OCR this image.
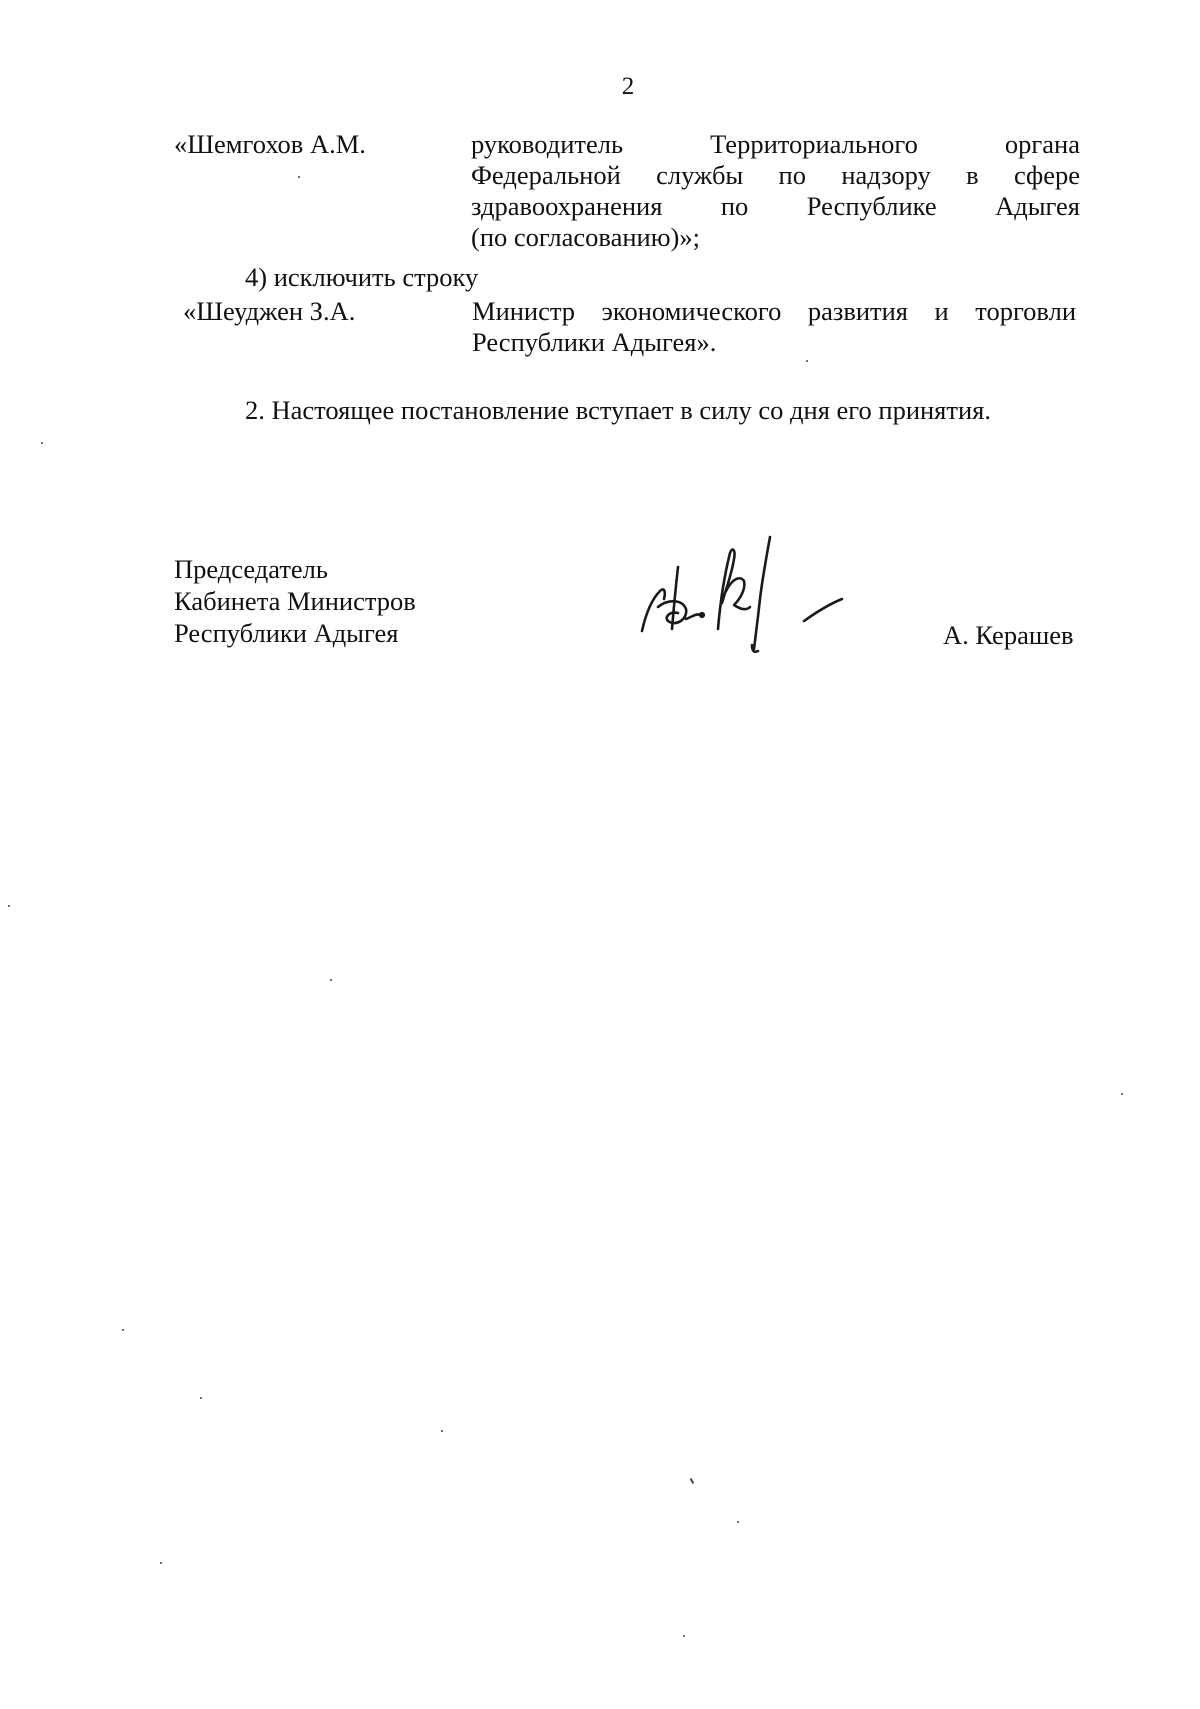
2
«Шемгохов А.М.	руководитель Территориального органа
Федеральной службы по надзору в сфере
здравоохранения по Республике Адыгея
(по согласованию)»;
4) исключить строку
«Шеуджен З.А.	Министр экономического развития и торговли
Республики Адыгея».
2. Настоящее постановление вступает в силу со дня его принятия.
Председатель
Кабинета Министров
Республики Адыгея	А. Керашев
